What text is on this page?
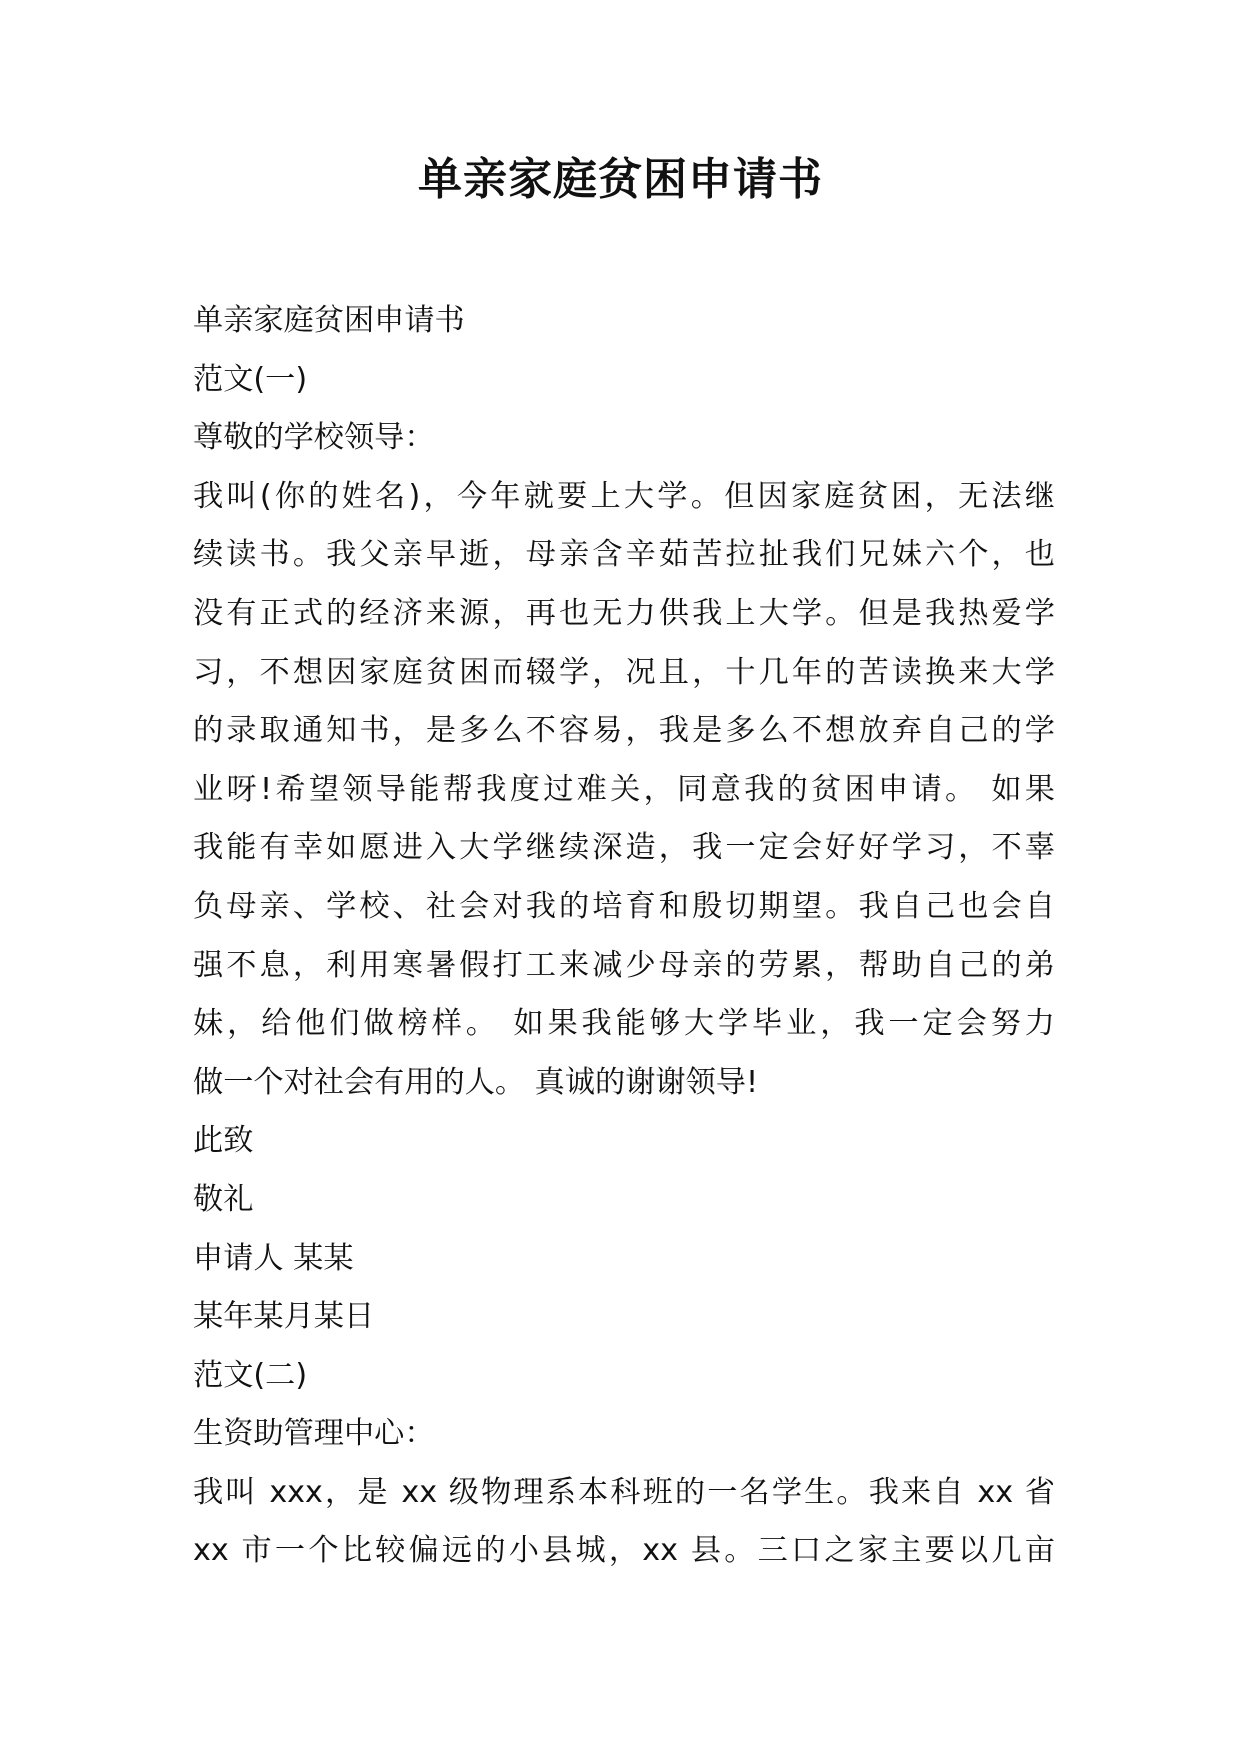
单亲家庭贫困申请书
单亲家庭贫困申请书
范文(一)
尊敬的学校领导：
我叫(你的姓名)，今年就要上大学。但因家庭贫困，无法继
续读书。我父亲早逝，母亲含辛茹苦拉扯我们兄妹六个，也
没有正式的经济来源，再也无力供我上大学。但是我热爱学
习，不想因家庭贫困而辍学，况且，十几年的苦读换来大学
的录取通知书，是多么不容易，我是多么不想放弃自己的学
业呀!希望领导能帮我度过难关，同意我的贫困申请。 如果
我能有幸如愿进入大学继续深造，我一定会好好学习，不辜
负母亲、学校、社会对我的培育和殷切期望。我自己也会自
强不息，利用寒暑假打工来减少母亲的劳累，帮助自己的弟
妹，给他们做榜样。 如果我能够大学毕业，我一定会努力
做一个对社会有用的人。 真诚的谢谢领导!
此致
敬礼
申请人 某某
某年某月某日
范文(二)
生资助管理中心：
我叫 xxx，是 xx 级物理系本科班的一名学生。我来自 xx 省
xx 市一个比较偏远的小县城，xx 县。三口之家主要以几亩
